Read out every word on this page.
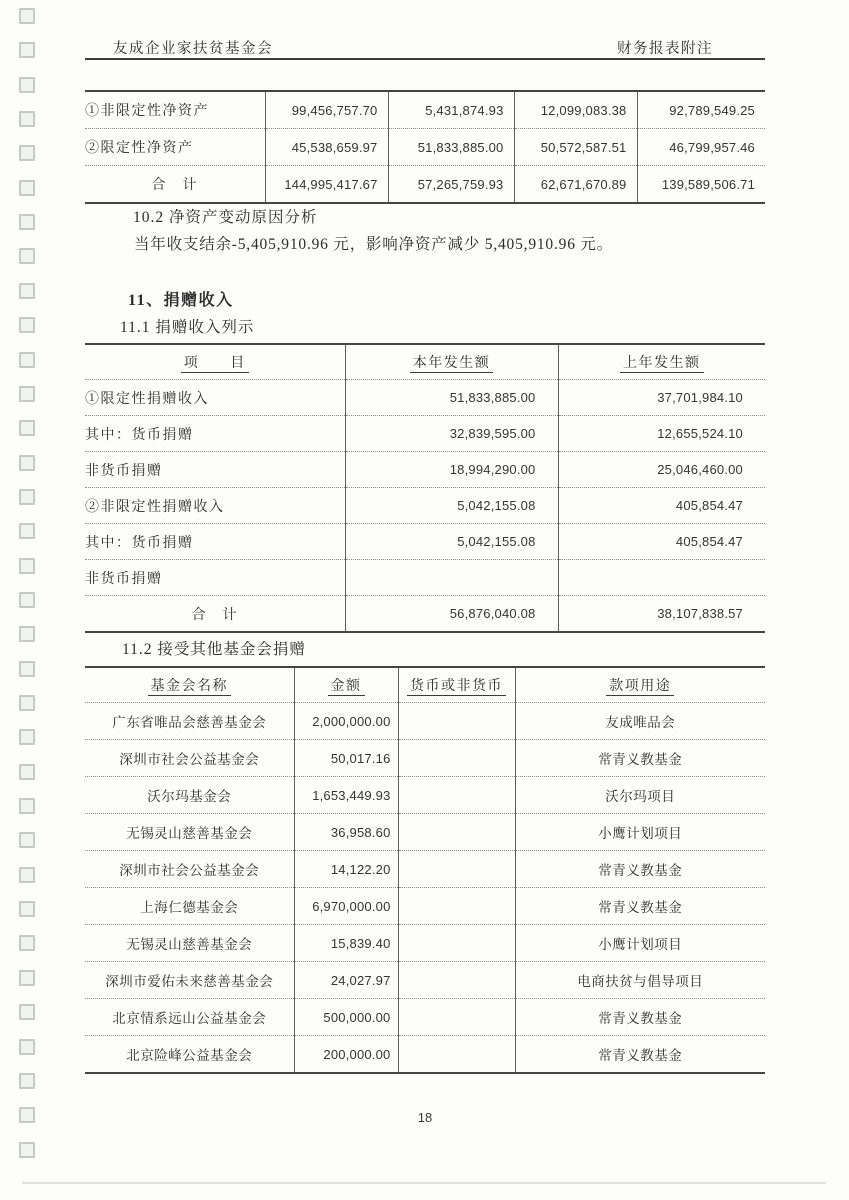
友成企业家扶贫基金会	财务报表附注
①非限定性净资产	99,456,757.70	5,431,874.93	12,099,083.38	92,789,549.25
②限定性净资产	45,538,659.97	51,833,885.00	50,572,587.51	46,799,957.46
合　计	144,995,417.67	57,265,759.93	62,671,670.89	139,589,506.71
10.2 净资产变动原因分析
当年收支结余-5,405,910.96 元，影响净资产减少 5,405,910.96 元。
11、捐赠收入
11.1 捐赠收入列示
项　　目	本年发生额	上年发生额
①限定性捐赠收入	51,833,885.00	37,701,984.10
其中：货币捐赠	32,839,595.00	12,655,524.10
非货币捐赠	18,994,290.00	25,046,460.00
②非限定性捐赠收入	5,042,155.08	405,854.47
其中：货币捐赠	5,042,155.08	405,854.47
非货币捐赠		
合　计	56,876,040.08	38,107,838.57
11.2 接受其他基金会捐赠
基金会名称	金额	货币或非货币	款项用途
广东省唯品会慈善基金会	2,000,000.00		友成唯品会
深圳市社会公益基金会	50,017.16		常青义教基金
沃尔玛基金会	1,653,449.93		沃尔玛项目
无锡灵山慈善基金会	36,958.60		小鹰计划项目
深圳市社会公益基金会	14,122.20		常青义教基金
上海仁德基金会	6,970,000.00		常青义教基金
无锡灵山慈善基金会	15,839.40		小鹰计划项目
深圳市爱佑未来慈善基金会	24,027.97		电商扶贫与倡导项目
北京情系远山公益基金会	500,000.00		常青义教基金
北京险峰公益基金会	200,000.00		常青义教基金
18
